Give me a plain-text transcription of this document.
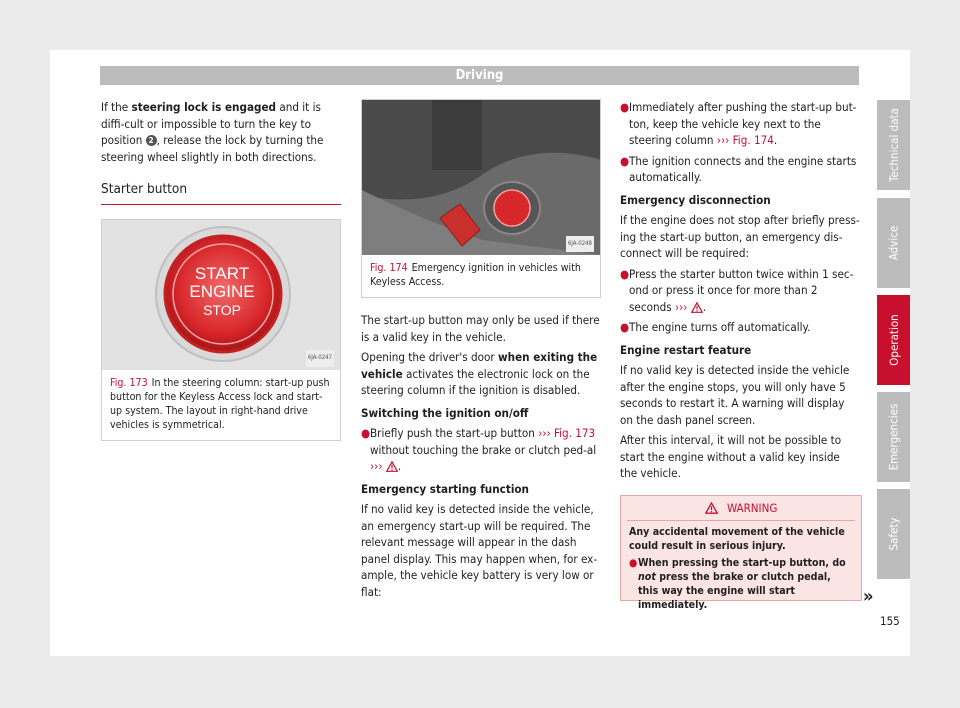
Driving

If the steering lock is engaged and it is diffi-cult or impossible to turn the key to position 2 , release the lock by turning the steering wheel slightly in both directions.

Starter button
START
ENGINE
STOP
6JA-0247
Fig. 173 In the steering column: start-up push button for the Keyless Access lock and start-up system. The layout in right-hand drive vehicles is symmetrical.
6JA-0248
Fig. 174 Emergency ignition in vehicles with Keyless Access.

The start-up button may only be used if there is a valid key in the vehicle.

Opening the driver's door when exiting the vehicle activates the electronic lock on the steering column if the ignition is disabled.

Switching the ignition on/off

● Briefly push the start-up button ››› Fig. 173 without touching the brake or clutch ped-al ››› .

Emergency starting function

If no valid key is detected inside the vehicle, an emergency start-up will be required. The relevant message will appear in the dash panel display. This may happen when, for ex-ample, the vehicle key battery is very low or flat:

● Immediately after pushing the start-up but-ton, keep the vehicle key next to the steering column ››› Fig. 174.

● The ignition connects and the engine starts automatically.

Emergency disconnection

If the engine does not stop after briefly press-ing the start-up button, an emergency dis-connect will be required:

● Press the starter button twice within 1 sec-ond or press it once for more than 2 seconds ››› .

● The engine turns off automatically.

Engine restart feature

If no valid key is detected inside the vehicle after the engine stops, you will only have 5 seconds to restart it. A warning will display on the dash panel screen.

After this interval, it will not be possible to start the engine without a valid key inside the vehicle.

WARNING
Any accidental movement of the vehicle could result in serious injury.
● When pressing the start-up button, do not press the brake or clutch pedal, this way the engine will start immediately.	»
Technical data
Advice
Operation
Emergencies
Safety
155
